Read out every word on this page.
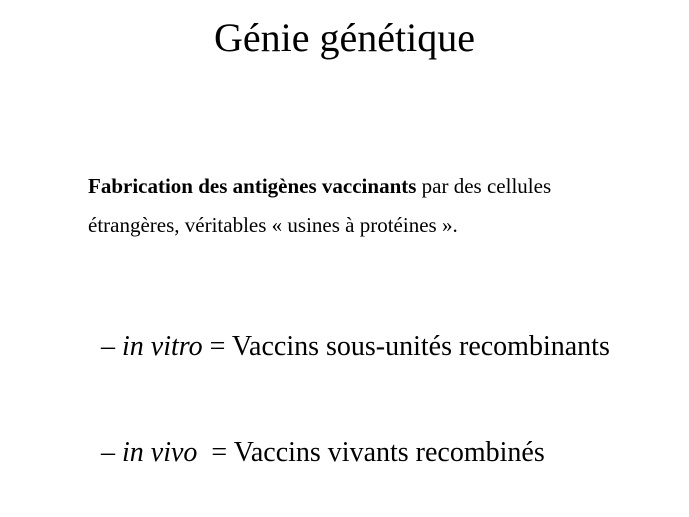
Génie génétique
Fabrication des antigènes vaccinants par des cellules étrangères, véritables « usines à protéines ».
– in vitro = Vaccins sous-unités recombinants
– in vivo  = Vaccins vivants recombinés
